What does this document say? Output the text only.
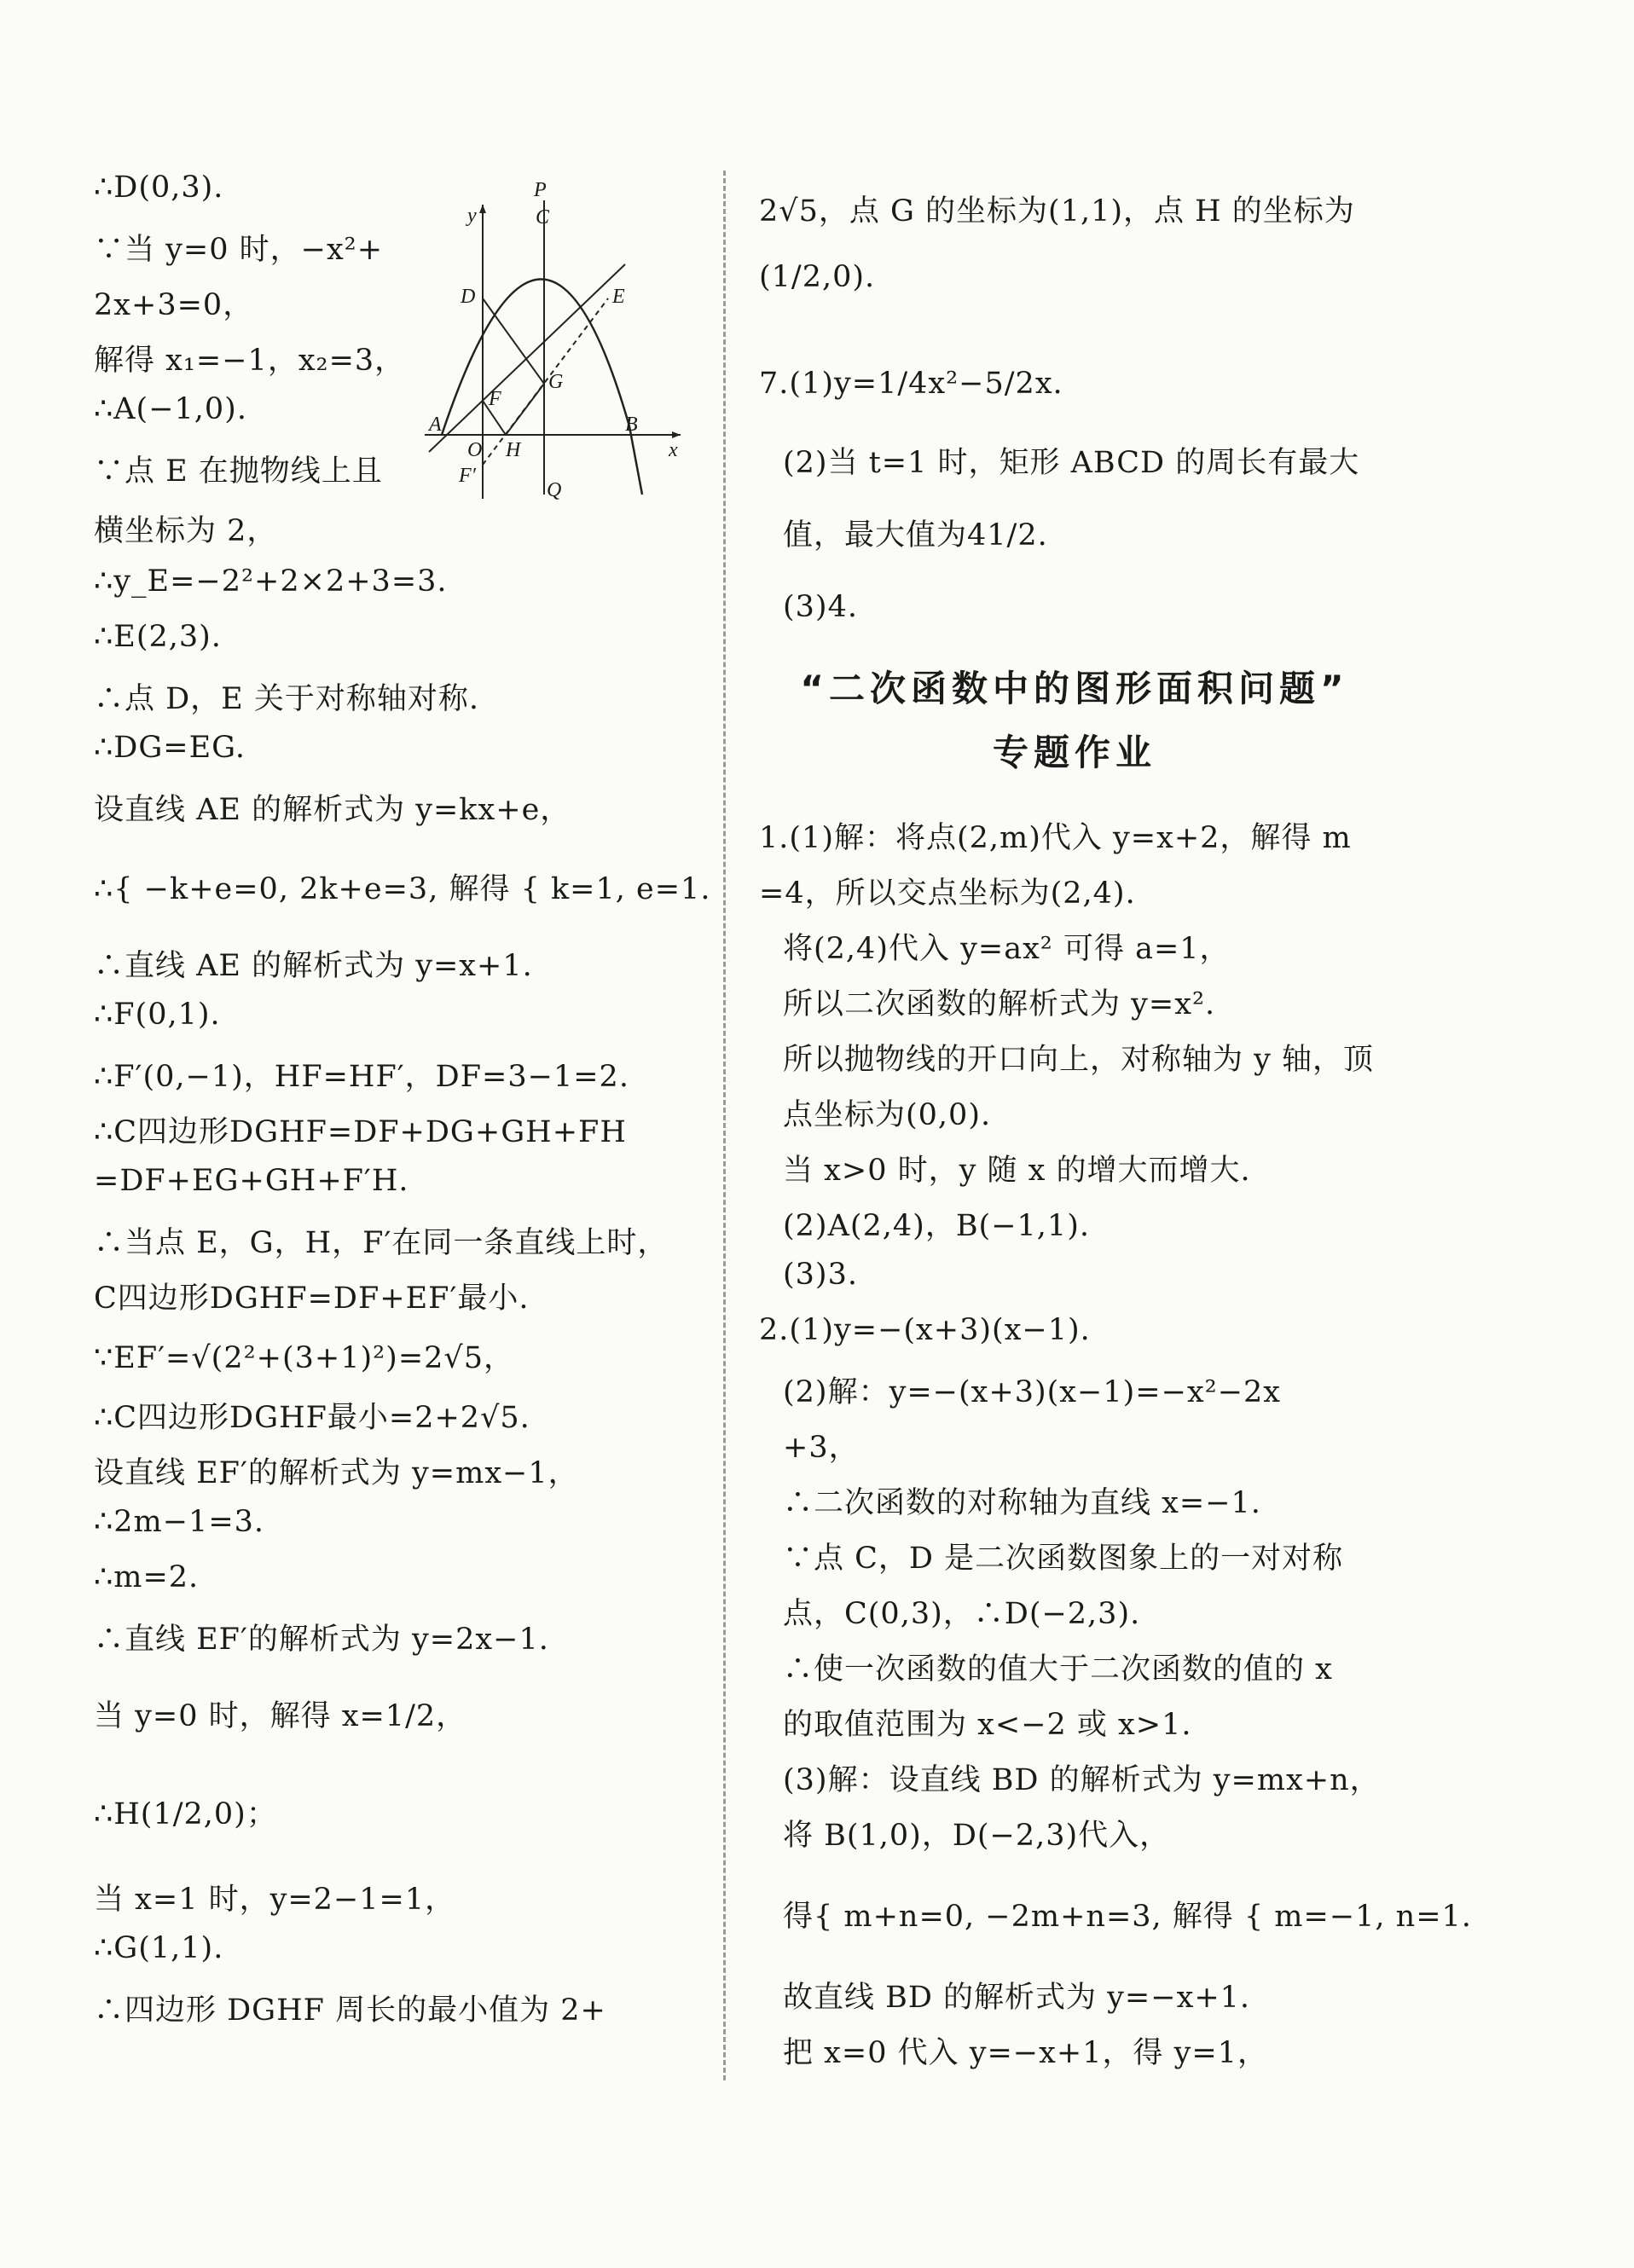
∴D(0,3).
∵当 y=0 时，−x²+
2x+3=0，
解得 x₁=−1，x₂=3，
∴A(−1,0).
∵点 E 在抛物线上且
横坐标为 2，
∴y_E=−2²+2×2+3=3.
∴E(2,3).
∴点 D，E 关于对称轴对称.
∴DG=EG.
设直线 AE 的解析式为 y=kx+e，
∴{ −k+e=0, 2k+e=3, 解得 { k=1, e=1.
∴直线 AE 的解析式为 y=x+1.
∴F(0,1).
∴F′(0,−1)，HF=HF′，DF=3−1=2.
∴C四边形DGHF=DF+DG+GH+FH
=DF+EG+GH+F′H.
∴当点 E，G，H，F′在同一条直线上时，
C四边形DGHF=DF+EF′最小.
∵EF′=√(2²+(3+1)²)=2√5，
∴C四边形DGHF最小=2+2√5.
设直线 EF′的解析式为 y=mx−1，
∴2m−1=3.
∴m=2.
∴直线 EF′的解析式为 y=2x−1.
当 y=0 时，解得 x=1/2，
∴H(1/2,0)；
当 x=1 时，y=2−1=1，
∴G(1,1).
∴四边形 DGHF 周长的最小值为 2+
P
y	C
D	E
G
F
A
O H
B
x
F′
Q
2√5，点 G 的坐标为(1,1)，点 H 的坐标为
(1/2,0).
7.(1)y=1/4x²−5/2x.
(2)当 t=1 时，矩形 ABCD 的周长有最大
值，最大值为41/2.
(3)4.
“二次函数中的图形面积问题”
专题作业
1.(1)解：将点(2,m)代入 y=x+2，解得 m
=4，所以交点坐标为(2,4).
将(2,4)代入 y=ax² 可得 a=1，
所以二次函数的解析式为 y=x².
所以抛物线的开口向上，对称轴为 y 轴，顶
点坐标为(0,0).
当 x>0 时，y 随 x 的增大而增大.
(2)A(2,4)，B(−1,1).
(3)3.
2.(1)y=−(x+3)(x−1).
(2)解：y=−(x+3)(x−1)=−x²−2x
+3，
∴二次函数的对称轴为直线 x=−1.
∵点 C，D 是二次函数图象上的一对对称
点，C(0,3)，∴D(−2,3).
∴使一次函数的值大于二次函数的值的 x
的取值范围为 x<−2 或 x>1.
(3)解：设直线 BD 的解析式为 y=mx+n，
将 B(1,0)，D(−2,3)代入，
得{ m+n=0, −2m+n=3, 解得 { m=−1, n=1.
故直线 BD 的解析式为 y=−x+1.
把 x=0 代入 y=−x+1，得 y=1，
